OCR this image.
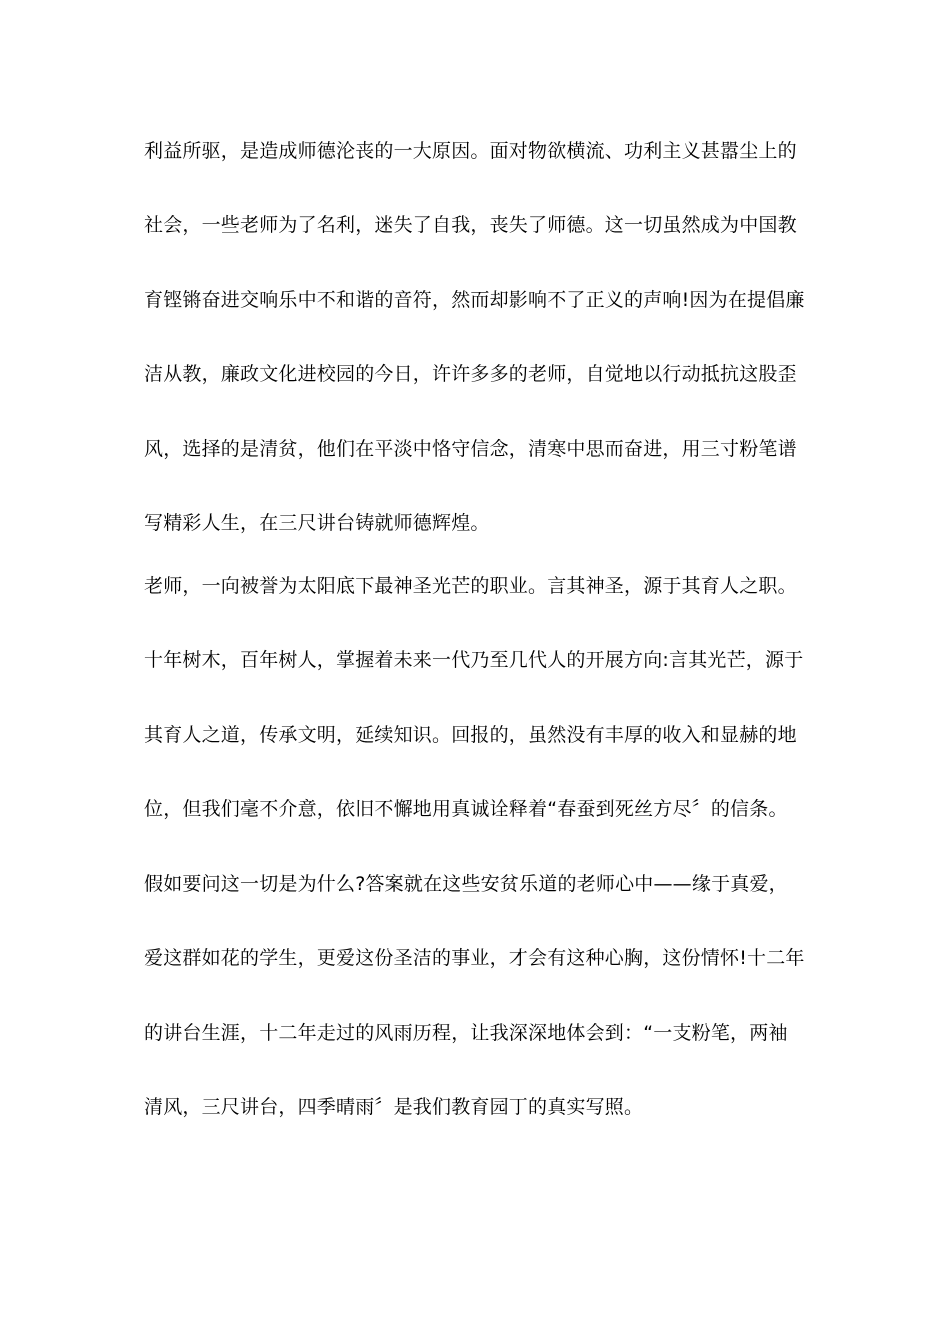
利益所驱，是造成师德沦丧的一大原因。面对物欲横流、功利主义甚嚣尘上的
社会，一些老师为了名利，迷失了自我，丧失了师德。这一切虽然成为中国教
育铿锵奋进交响乐中不和谐的音符，然而却影响不了正义的声响!因为在提倡廉
洁从教，廉政文化进校园的今日，许许多多的老师，自觉地以行动抵抗这股歪
风，选择的是清贫，他们在平淡中恪守信念，清寒中思而奋进，用三寸粉笔谱
写精彩人生，在三尺讲台铸就师德辉煌。
老师，一向被誉为太阳底下最神圣光芒的职业。言其神圣，源于其育人之职。
十年树木，百年树人，掌握着未来一代乃至几代人的开展方向:言其光芒，源于
其育人之道，传承文明，延续知识。回报的，虽然没有丰厚的收入和显赫的地
位，但我们毫不介意，依旧不懈地用真诚诠释着“春蚕到死丝方尽〞的信条。
假如要问这一切是为什么?答案就在这些安贫乐道的老师心中——缘于真爱，
爱这群如花的学生，更爱这份圣洁的事业，才会有这种心胸，这份情怀!十二年
的讲台生涯，十二年走过的风雨历程，让我深深地体会到：“一支粉笔，两袖
清风，三尺讲台，四季晴雨〞是我们教育园丁的真实写照。
